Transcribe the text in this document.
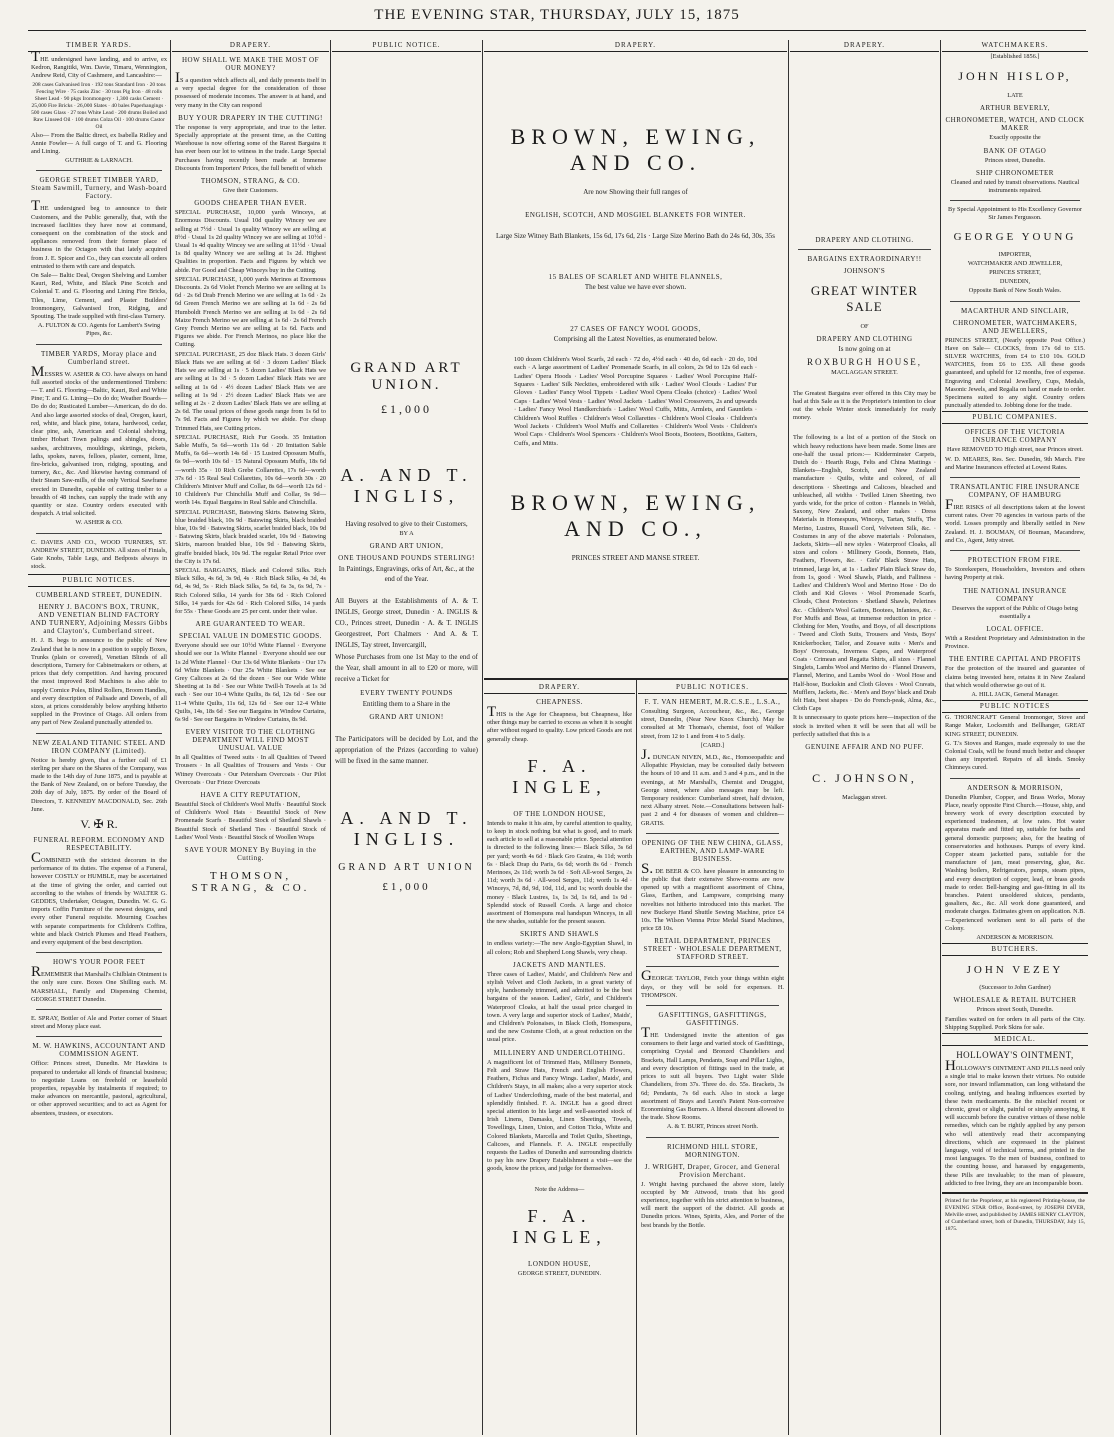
THE EVENING STAR, THURSDAY, JULY 15, 1875
TIMBER YARDS.
THE undersigned have landing, and to arrive, ex Kedron, Rangitiki, Wm. Davie, Timaru, Wennington, Andrew Reid, City of Cashmere, and Lancashire:—
208 cases Galvanised Iron · 192 tons Standard Iron · 20 tons Fencing Wire · 75 casks Zinc · 30 tons Pig Iron · 48 rolls Sheet Lead · 90 pkgs Ironmongery · 1,300 casks Cement · 25,000 Fire Bricks · 26,000 Slates · 40 bales Paperhangings · 500 cases Glass · 27 tons White Lead · 200 drums Boiled and Raw Linseed Oil · 100 drums Colza Oil · 100 drums Castor Oil
Also— From the Baltic direct, ex Isabella Ridley and Annie Fowler— A full cargo of T. and G. Flooring and Lining.
GUTHRIE & LARNACH.
GEORGE STREET TIMBER YARD, Steam Sawmill, Turnery, and Wash-board Factory.
THE undersigned beg to announce to their Customers, and the Public generally, that, with the increased facilities they have now at command, consequent on the combination of the stock and appliances removed from their former place of business in the Octagon with that lately acquired from J. E. Spicer and Co., they can execute all orders entrusted to them with care and despatch.
On Sale— Baltic Deal, Oregon Shelving and Lumber Kauri, Red, White, and Black Pine Scotch and Colonial T. and G. Flooring and Lining Fire Bricks, Tiles, Lime, Cement, and Plaster Builders' Ironmongery, Galvanised Iron, Ridging, and Spouting. The trade supplied with first-class Turnery.
A. FULTON & CO. Agents for Lambert's Swing Pipes, &c.
TIMBER YARDS, Moray place and Cumberland street.
MESSRS W. ASHER & CO. have always on hand full assorted stocks of the undermentioned Timbers:— T. and G. Flooring—Baltic, Kauri, Red and White Pine; T. and G. Lining—Do do do; Weather Boards—Do do do; Rusticated Lumber—American, do do do. And also large assorted stocks of deal, Oregon, kauri, red, white, and black pine, totara, hardwood, cedar, clear pine, ash, American and Colonial shelving, timber Hobart Town palings and shingles, doors, sashes, architraves, mouldings, skirtings, pickets, laths, spokes, naves, felloes, plaster, cement, lime, fire-bricks, galvanised iron, ridging, spouting, and turnery, &c., &c. And likewise having command of their Steam Saw-mills, of the only Vertical Sawframe erected in Dunedin, capable of cutting timber to a breadth of 48 inches, can supply the trade with any quantity or size. Country orders executed with despatch. A trial solicited.
W. ASHER & CO.
C. DAVIES AND CO., WOOD TURNERS, ST. ANDREW STREET, DUNEDIN. All sizes of Finials, Gate Knobs, Table Legs, and Bedposts always in stock.
PUBLIC NOTICES.
CUMBERLAND STREET, DUNEDIN.
HENRY J. BACON'S BOX, TRUNK, AND VENETIAN BLIND FACTORY AND TURNERY, Adjoining Messrs Gibbs and Clayton's, Cumberland street.
H. J. B. begs to announce to the public of New Zealand that he is now in a position to supply Boxes, Trunks (plain or covered), Venetian Blinds of all descriptions, Turnery for Cabinetmakers or others, at prices that defy competition. And having procured the most improved Rod Machines is also able to supply Cornice Poles, Blind Rollers, Broom Handles, and every description of Palisade and Dowels, of all sizes, at prices considerably below anything hitherto supplied in the Province of Otago. All orders from any part of New Zealand punctually attended to.
NEW ZEALAND TITANIC STEEL AND IRON COMPANY (Limited).
Notice is hereby given, that a further call of £1 sterling per share on the Shares of the Company, was made to the 14th day of June 1875, and is payable at the Bank of New Zealand, on or before Tuesday, the 20th day of July, 1875. By order of the Board of Directors, T. KENNEDY MACDONALD, Sec. 26th June.
V. ✠ R.
FUNERAL REFORM. ECONOMY AND RESPECTABILITY.
COMBINED with the strictest decorum in the performance of its duties. The expense of a Funeral, however COSTLY or HUMBLE, may be ascertained at the time of giving the order, and carried out according to the wishes of friends by WALTER G. GEDDES, Undertaker, Octagon, Dunedin. W. G. G. imports Coffin Furniture of the newest designs, and every other Funeral requisite. Mourning Coaches with separate compartments for Children's Coffins, white and black Ostrich Plumes and Head Feathers, and every equipment of the best description.
HOW'S YOUR POOR FEET
REMEMBER that Marshall's Chilblain Ointment is the only sure cure. Boxes One Shilling each. M. MARSHALL, Family and Dispensing Chemist, GEORGE STREET Dunedin.
E. SPRAY, Bottler of Ale and Porter corner of Stuart street and Moray place east.
M. W. HAWKINS, ACCOUNTANT AND COMMISSION AGENT.
Office: Princes street, Dunedin. Mr Hawkins is prepared to undertake all kinds of financial business; to negotiate Loans on freehold or leasehold properties, repayable by instalments if required; to make advances on mercantile, pastoral, agricultural, or other approved securities; and to act as Agent for absentees, trustees, or executors.
DRAPERY.
HOW SHALL WE MAKE THE MOST OF OUR MONEY?
IS a question which affects all, and daily presents itself in a very special degree for the consideration of those possessed of moderate incomes. The answer is at hand, and very many in the City can respond
BUY YOUR DRAPERY IN THE CUTTING!
The response is very appropriate, and true to the letter. Specially appropriate at the present time, as the Cutting Warehouse is now offering some of the Rarest Bargains it has ever been our lot to witness in the trade. Large Special Purchases having recently been made at Immense Discounts from Importers' Prices, the full benefit of which
THOMSON, STRANG, & CO.
Give their Customers.
GOODS CHEAPER THAN EVER.
SPECIAL PURCHASE, 10,000 yards Winceys, at Enormous Discounts. Usual 10d quality Wincey we are selling at 7½d · Usual 1s quality Wincey we are selling at 8½d · Usual 1s 2d quality Wincey we are selling at 10½d · Usual 1s 4d quality Wincey we are selling at 11½d · Usual 1s 8d quality Wincey we are selling at 1s 2d. Highest Qualities in proportion. Facts and Figures by which we abide. For Good and Cheap Winceys buy in the Cutting.
SPECIAL PURCHASE, 1,000 yards Merinos at Enormous Discounts. 2s 6d Violet French Merino we are selling at 1s 6d · 2s 6d Drab French Merino we are selling at 1s 6d · 2s 6d Green French Merino we are selling at 1s 6d · 2s 6d Humboldt French Merino we are selling at 1s 6d · 2s 6d Maize French Merino we are selling at 1s 6d · 2s 6d French Grey French Merino we are selling at 1s 6d. Facts and Figures we abide. For French Merinos, no place like the Cutting.
SPECIAL PURCHASE, 25 doz Black Hats. 3 dozen Girls' Black Hats we are selling at 6d · 3 dozen Ladies' Black Hats we are selling at 1s · 5 dozen Ladies' Black Hats we are selling at 1s 3d · 5 dozen Ladies' Black Hats we are selling at 1s 6d · 4½ dozen Ladies' Black Hats we are selling at 1s 9d · 2½ dozen Ladies' Black Hats we are selling at 2s · 2 dozen Ladies' Black Hats we are selling at 2s 6d. The usual prices of these goods range from 1s 6d to 7s 9d. Facts and Figures by which we abide. For cheap Trimmed Hats, see Cutting prices.
SPECIAL PURCHASE, Rich Fur Goods. 35 Imitation Sable Muffs, 5s 6d—worth 11s 6d · 20 Imitation Sable Muffs, 6s 6d—worth 14s 6d · 15 Lustred Opossum Muffs, 6s 9d—worth 10s 6d · 15 Natural Opossum Muffs, 18s 6d—worth 35s · 10 Rich Grebe Collarettes, 17s 6d—worth 37s 6d · 15 Real Seal Collarettes, 10s 6d—worth 30s · 20 Children's Miniver Muff and Collar, 8s 6d—worth 12s 6d · 10 Children's Fur Chinchilla Muff and Collar, 9s 9d—worth 14s. Equal Bargains in Real Sable and Chinchilla.
SPECIAL PURCHASE, Batswing Skirts. Batswing Skirts, blue braided black, 10s 9d · Batswing Skirts, black braided blue, 10s 9d · Batswing Skirts, scarlet braided black, 10s 9d · Batswing Skirts, black braided scarlet, 10s 9d · Batswing Skirts, maroon braided blue, 10s 9d · Batswing Skirts, giraffe braided black, 10s 9d. The regular Retail Price over the City is 17s 6d.
SPECIAL BARGAINS, Black and Colored Silks. Rich Black Silks, 4s 6d, 3s 9d, 4s · Rich Black Silks, 4s 3d, 4s 6d, 4s 9d, 5s · Rich Black Silks, 5s 6d, 6s 3s, 6s 9d, 7s · Rich Colored Silks, 14 yards for 38s 6d · Rich Colored Silks, 14 yards for 42s 6d · Rich Colored Silks, 14 yards for 55s · These Goods are 25 per cent. under their value.
ARE GUARANTEED TO WEAR.
SPECIAL VALUE IN DOMESTIC GOODS.
Everyone should see our 10½d White Flannel · Everyone should see our 1s White Flannel · Everyone should see our 1s 2d White Flannel · Our 13s 6d White Blankets · Our 17s 6d White Blankets · Our 25s White Blankets · See our Grey Calicoes at 2s 6d the dozen · See our Wide White Sheeting at 1s 8d · See our White Twill-h Towels at 1s 3d each · See our 10-4 White Quilts, 8s 6d, 12s 6d · See our 11-4 White Quilts, 11s 6d, 12s 6d · See our 12-4 White Quilts, 14s, 18s 6d · See our Bargains in Window Curtains, 6s 9d · See our Bargains in Window Curtains, 8s 9d.
EVERY VISITOR TO THE CLOTHING DEPARTMENT WILL FIND MOST UNUSUAL VALUE
In all Qualities of Tweed suits · In all Qualities of Tweed Trousers · In all Qualities of Trousers and Vests · Our Witney Overcoats · Our Petersham Overcoats · Our Pilot Overcoats · Our Frieze Overcoats
HAVE A CITY REPUTATION,
Beautiful Stock of Children's Wool Muffs · Beautiful Stock of Children's Wool Hats · Beautiful Stock of New Promenade Scarfs · Beautiful Stock of Shetland Shawls · Beautiful Stock of Shetland Ties · Beautiful Stock of Ladies' Wool Vests · Beautiful Stock of Woollen Wraps
SAVE YOUR MONEY By Buying in the Cutting.
THOMSON, STRANG, & CO.
PUBLIC NOTICE.
GRAND ART UNION.
£1,000
A. AND T. INGLIS,
Having resolved to give to their Customers,
BY A
GRAND ART UNION,
ONE THOUSAND POUNDS STERLING!
In Paintings, Engravings, orks of Art, &c., at the end of the Year.
All Buyers at the Establishments of A. & T. INGLIS, George street, Dunedin · A. INGLIS & CO., Princes street, Dunedin · A. & T. INGLIS Georgestreet, Port Chalmers · And A. & T. INGLIS, Tay street, Invercargill,
Whose Purchases from one 1st May to the end of the Year, shall amount in all to £20 or more, will receive a Ticket for
EVERY TWENTY POUNDS
Entitling them to a Share in the
GRAND ART UNION!
The Participators will be decided by Lot, and the appropriation of the Prizes (according to value) will be fixed in the same manner.
A. AND T. INGLIS.
GRAND ART UNION
£1,000
DRAPERY.
BROWN, EWING, AND CO.
Are now Showing their full ranges of
ENGLISH, SCOTCH, AND MOSGIEL BLANKETS FOR WINTER.
Large Size Witney Bath Blankets, 15s 6d, 17s 6d, 21s · Large Size Merino Bath do 24s 6d, 30s, 35s
15 BALES OF SCARLET AND WHITE FLANNELS,
The best value we have ever shown.
27 CASES OF FANCY WOOL GOODS,
Comprising all the Latest Novelties, as enumerated below.
100 dozen Children's Wool Scarfs, 2d each · 72 do, 4½d each · 40 do, 6d each · 20 do, 10d each · A large assortment of Ladies' Promenade Scarfs, in all colors, 2s 9d to 12s 6d each · Ladies' Opera Hoods · Ladies' Wool Porcupine Squares · Ladies' Wool Porcupine Half-Squares · Ladies' Silk Neckties, embroidered with silk · Ladies' Wool Clouds · Ladies' Fur Gloves · Ladies' Fancy Wool Tippets · Ladies' Wool Opera Cloaks (choice) · Ladies' Wool Caps · Ladies' Wool Vests · Ladies' Wool Jackets · Ladies' Wool Crossovers, 2s and upwards · Ladies' Fancy Wool Handkerchiefs · Ladies' Wool Cuffs, Mitts, Armlets, and Gauntlets · Children's Wool Ruffles · Children's Wool Collarettes · Children's Wool Cloaks · Children's Wool Jackets · Children's Wool Muffs and Collarettes · Children's Wool Vests · Children's Wool Caps · Children's Wool Spencers · Children's Wool Boots, Bootees, Bootikins, Gaiters, Cuffs, and Mitts.
BROWN, EWING, AND CO.,
PRINCES STREET AND MANSE STREET.
DRAPERY.
CHEAPNESS.
THIS is the Age for Cheapness, but Cheapness, like other things may be carried to excess as when it is sought after without regard to quality. Low priced Goods are not generally cheap.
F. A. INGLE,
OF THE LONDON HOUSE,
Intends to make it his aim, by careful attention to quality, to keep in stock nothing but what is good, and to mark each article to sell at a reasonable price. Special attention is directed to the following lines:— Black Silks, 3s 6d per yard; worth 4s 6d · Black Gro Grains, 4s 11d; worth 6s · Black Drap du Paris, 6s 6d; worth 8s 6d · French Merinoes, 2s 11d; worth 3s 6d · Soft All-wool Serges, 2s 11d; worth 3s 6d · All-wool Serges, 11d; worth 1s 4d · Winceys, 7d, 8d, 9d, 10d, 11d, and 1s; worth double the money · Black Lustres, 1s, 1s 3d, 1s 6d, and 1s 9d · Splendid stock of Russell Cords. A large and choice assortment of Homespuns real handspun Winceys, in all the new shades, suitable for the present season.
SKIRTS AND SHAWLS
in endless variety:—The new Anglo-Egyptian Shawl, in all colors; Rob and Shepherd Long Shawls, very cheap.
JACKETS AND MANTLES.
Three cases of Ladies', Maids', and Children's New and stylish Velvet and Cloth Jackets, in a great variety of style, handsomely trimmed, and admitted to be the best bargains of the season. Ladies', Girls', and Children's Waterproof Cloaks, at half the usual price charged in town. A very large and superior stock of Ladies', Maids', and Children's Polonaises, in Black Cloth, Homespuns, and the new Costume Cloth, at a great reduction on the usual price.
MILLINERY AND UNDERCLOTHING.
A magnificent lot of Trimmed Hats, Millinery Bonnets, Felt and Straw Hats, French and English Flowers, Feathers, Fichus and Fancy Wings. Ladies', Maids', and Children's Stays, in all makes; also a very superior stock of Ladies' Underclothing, made of the best material, and splendidly finished. F. A. INGLE has a good direct special attention to his large and well-assorted stock of Irish Linens, Damasks, Linen Sheetings, Towels, Towellings, Linen, Union, and Cotton Ticks, White and Colored Blankets, Marcella and Toilet Quilts, Sheetings, Calicoes, and Flannels. F. A. INGLE respectfully requests the Ladies of Dunedin and surrounding districts to pay his new Drapery Establishment a visit—see the goods, know the prices, and judge for themselves.
Note the Address—
F. A. INGLE,
LONDON HOUSE,
GEORGE STREET, DUNEDIN.
PUBLIC NOTICES.
F. T. VAN HEMERT, M.R.C.S.E., L.S.A.,
Consulting Surgeon, Accoucheur, &c., &c., George street, Dunedin, (Near New Knox Church). May be consulted at Mr Thomas's, chemist, foot of Walker street, from 12 to 1 and from 4 to 5 daily.
[CARD.]
J. DUNCAN NIVEN, M.D., &c., Homoeopathic and Allopathic Physician, may be consulted daily between the hours of 10 and 11 a.m. and 3 and 4 p.m., and in the evenings, at Mr Marshall's, Chemist and Druggist, George street, where also messages may be left. Temporary residence: Cumberland street, half division, next Albany street. Note.—Consultations between half-past 2 and 4 for diseases of women and children—GRATIS.
OPENING OF THE NEW CHINA, GLASS, EARTHEN, AND LAMP-WARE BUSINESS.
S. DE BEER & CO. have pleasure in announcing to the public that their extensive Show-rooms are now opened up with a magnificent assortment of China, Glass, Earthen, and Lampware, comprising many novelties not hitherto introduced into this market. The new Buckeye Hand Shuttle Sewing Machine, price £4 10s. The Wilson Vienna Prize Medal Stand Machines, price £8 10s.
RETAIL DEPARTMENT, PRINCES STREET · WHOLESALE DEPARTMENT, STAFFORD STREET.
GEORGE TAYLOR, Fetch your things within eight days, or they will be sold for expenses. H. THOMPSON.
GASFITTINGS, GASFITTINGS, GASFITTINGS.
THE Undersigned invite the attention of gas consumers to their large and varied stock of Gasfittings, comprising Crystal and Bronzed Chandeliers and Brackets, Hall Lamps, Pendants, Soap and Pillar Lights, and every description of fittings used in the trade, at prices to suit all buyers. Two Light water Slide Chandeliers, from 37s. Three do. do. 55s. Brackets, 3s 6d; Pendants, 7s 6d each. Also in stock a large assortment of Brays and Leoni's Patent Non-corrosive Economising Gas Burners. A liberal discount allowed to the trade. Show Rooms.
A. & T. BURT, Princes street North.
RICHMOND HILL STORE, MORNINGTON.
J. WRIGHT, Draper, Grocer, and General Provision Merchant.
J. Wright having purchased the above store, lately occupied by Mr Attwood, trusts that his good experience, together with his strict attention to business, will merit the support of the district. All goods at Dunedin prices. Wines, Spirits, Ales, and Porter of the best brands by the Bottle.
DRAPERY.
DRAPERY AND CLOTHING.
BARGAINS EXTRAORDINARY!!
JOHNSON'S
GREAT WINTER SALE
OF
DRAPERY AND CLOTHING
Is now going on at
ROXBURGH HOUSE,
MACLAGGAN STREET.
The Greatest Bargains ever offered in this City may be had at this Sale as it is the Proprietor's intention to clear out the whole Winter stock immediately for ready money.
The following is a list of a portion of the Stock on which heavy reductions have been made. Some lines are one-half the usual prices:— Kidderminster Carpets, Dutch do · Hearth Rugs, Felts and China Mattings · Blankets—English, Scotch, and New Zealand manufacture · Quilts, white and colored, of all descriptions · Sheetings and Calicoes, bleached and unbleached, all widths · Twilled Linen Sheeting, two yards wide, for the price of cotton · Flannels in Welsh, Saxony, New Zealand, and other makes · Dress Materials in Homespuns, Winceys, Tartan, Stuffs, The Merino, Lustres, Russell Cord, Velveteen Silk, &c. · Costumes in any of the above materials · Polonaises, Jackets, Skirts—all new styles · Waterproof Cloaks, all sizes and colors · Millinery Goods, Bonnets, Hats, Feathers, Flowers, &c. · Girls' Black Straw Hats, trimmed, large lot, at 1s · Ladies' Plain Black Straw do, from 1s, good · Wool Shawls, Plaids, and Falliness · Ladies' and Children's Wool and Merino Hose · Do do Cloth and Kid Gloves · Wool Promenade Scarfs, Clouds, Chest Protectors · Shetland Shawls, Pelerines &c. · Children's Wool Gaiters, Bootees, Infantees, &c. · For Muffs and Boas, at immense reduction in price · Clothing for Men, Youths, and Boys, of all descriptions · Tweed and Cloth Suits, Trousers and Vests, Boys' Knickerbocker, Tailor, and Zouave suits · Men's and Boys' Overcoats, Inverness Capes, and Waterproof Coats · Crimean and Regatta Shirts, all sizes · Flannel Singlets, Lambs Wool and Merino do · Flannel Drawers, Flannel, Merino, and Lambs Wool do · Wool Hose and Half-hose, Buckskin and Cloth Gloves · Wool Cravats, Mufflers, Jackets, &c. · Men's and Boys' black and Drab felt Hats, best shapes · Do do French-peak, Alma, &c., Cloth Caps
It is unnecessary to quote prices here—inspection of the stock is invited when it will be seen that all will be perfectly satisfied that this is a
GENUINE AFFAIR AND NO PUFF.
C. JOHNSON,
Maclaggan street.
WATCHMAKERS.
[Established 1856.]
JOHN HISLOP,
LATE
ARTHUR BEVERLY,
CHRONOMETER, WATCH, AND CLOCK MAKER
Exactly opposite the
BANK OF OTAGO
Princes street, Dunedin.
SHIP CHRONOMETER
Cleaned and rated by transit observations. Nautical instruments repaired.
By Special Appointment to His Excellency Governor Sir James Fergusson.
GEORGE YOUNG
IMPORTER,
WATCHMAKER AND JEWELLER,
PRINCES STREET,
DUNEDIN,
Opposite Bank of New South Wales.
MACARTHUR AND SINCLAIR,
CHRONOMETER, WATCHMAKERS, AND JEWELLERS,
PRINCES STREET, (Nearly opposite Post Office.) Have on Sale— CLOCKS, from 17s 6d to £15. SILVER WATCHES, from £4 to £10 10s. GOLD WATCHES, from £6 to £35. All these goods guaranteed, and upheld for 12 months, free of expense. Engraving and Colonial Jewellery, Cups, Medals, Masonic Jewels, and Regalia on hand or made to order. Specimens suited to any sight. Country orders punctually attended to. Jobbing done for the trade.
PUBLIC COMPANIES.
OFFICES OF THE VICTORIA INSURANCE COMPANY
Have REMOVED TO High street, near Princes street.
W. D. MEARES, Res. Sec. Dunedin, 9th March. Fire and Marine Insurances effected at Lowest Rates.
TRANSATLANTIC FIRE INSURANCE COMPANY, OF HAMBURG
FIRE RISKS of all descriptions taken at the lowest current rates. Over 70 agencies in various parts of the world. Losses promptly and liberally settled in New Zealand. H. J. BOUMAN, Of Bouman, Macandrew, and Co., Agent, Jetty street.
PROTECTION FROM FIRE.
To Storekeepers, Householders, Investors and others having Property at risk.
THE NATIONAL INSURANCE COMPANY
Deserves the support of the Public of Otago being essentially a
LOCAL OFFICE.
With a Resident Proprietary and Administration in the Province.
THE ENTIRE CAPITAL AND PROFITS
For the protection of the insured and guarantee of claims being invested here, retains it in New Zealand that which would otherwise go out of it.
A. HILL JACK, General Manager.
PUBLIC NOTICES
G. THORNCRAFT General Ironmonger, Stove and Range Maker, Locksmith and Bellhanger, GREAT KING STREET, DUNEDIN.
G. T.'s Stoves and Ranges, made expressly to use the Colonial Coals, will be found much better and cheaper than any imported. Repairs of all kinds. Smoky Chimneys cured.
ANDERSON & MORRISON,
Dunedin Plumber, Copper, and Brass Works, Moray Place, nearly opposite First Church.—House, ship, and brewery work of every description executed by experienced tradesmen, at low rates. Hot water apparatus made and fitted up, suitable for baths and general domestic purposes; also, for the heating of conservatories and hothouses. Pumps of every kind. Copper steam jacketted pans, suitable for the manufacture of jam, meat preserving, glue, &c. Washing boilers, Refrigerators, pumps, steam pipes, and every description of copper, lead, or brass goods made to order. Bell-hanging and gas-fitting in all its branches. Patent unsoldered sluices, pendants, gasaliers, &c., &c. All work done guaranteed, and moderate charges. Estimates given on application. N.B.—Experienced workmen sent to all parts of the Colony.
ANDERSON & MORRISON.
BUTCHERS.
JOHN VEZEY
(Successor to John Gardner)
WHOLESALE & RETAIL BUTCHER
Princes street South, Dunedin.
Families waited on for orders in all parts of the City. Shipping Supplied. Pork Skins for sale.
MEDICAL.
HOLLOWAY'S OINTMENT,
HOLLOWAY'S OINTMENT AND PILLS need only a single trial to make known their virtues. No outside sore, nor inward inflammation, can long withstand the cooling, unifying, and healing influences exerted by these twin medicaments. Be the mischief recent or chronic, great or slight, painful or simply annoying, it will succumb before the curative virtues of these noble remedies, which can be rightly applied by any person who will attentively read their accompanying directions, which are expressed in the plainest language, void of technical terms, and printed in the most languages. To the men of business, confined to the counting house, and harassed by engagements, these Pills are invaluable; to the man of pleasure, addicted to free living, they are an incomparable boon.
Printed for the Proprietor, at his registered Printing-house, the EVENING STAR Office, Bond-street, by JOSEPH DIVER, Melville street, and published by JAMES HENRY CLAYTON, of Cumberland street, both of Dunedin, THURSDAY, July 15, 1875.
